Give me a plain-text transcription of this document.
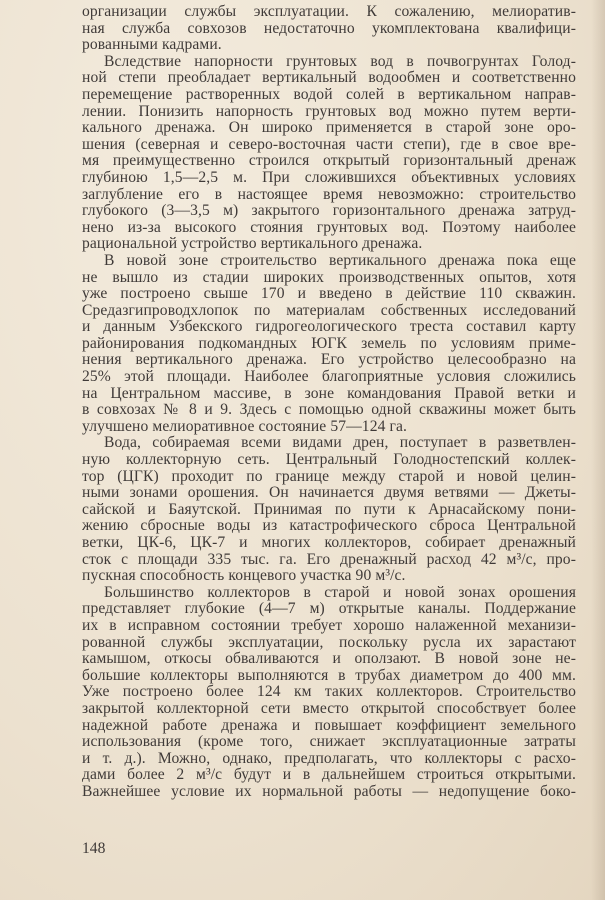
организации службы эксплуатации. К сожалению, мелиоратив-
ная служба совхозов недостаточно укомплектована квалифици-
рованными кадрами.
Вследствие напорности грунтовых вод в почвогрунтах Голод-
ной степи преобладает вертикальный водообмен и соответственно
перемещение растворенных водой солей в вертикальном направ-
лении. Понизить напорность грунтовых вод можно путем верти-
кального дренажа. Он широко применяется в старой зоне оро-
шения (северная и северо-восточная части степи), где в свое вре-
мя преимущественно строился открытый горизонтальный дренаж
глубиною 1,5—2,5 м. При сложившихся объективных условиях
заглубление его в настоящее время невозможно: строительство
глубокого (3—3,5 м) закрытого горизонтального дренажа затруд-
нено из-за высокого стояния грунтовых вод. Поэтому наиболее
рациональной устройство вертикального дренажа.
В новой зоне строительство вертикального дренажа пока еще
не вышло из стадии широких производственных опытов, хотя
уже построено свыше 170 и введено в действие 110 скважин.
Средазгипроводхлопок по материалам собственных исследований
и данным Узбекского гидрогеологического треста составил карту
районирования подкомандных ЮГК земель по условиям приме-
нения вертикального дренажа. Его устройство целесообразно на
25% этой площади. Наиболее благоприятные условия сложились
на Центральном массиве, в зоне командования Правой ветки и
в совхозах № 8 и 9. Здесь с помощью одной скважины может быть
улучшено мелиоративное состояние 57—124 га.
Вода, собираемая всеми видами дрен, поступает в разветвлен-
ную коллекторную сеть. Центральный Голодностепский коллек-
тор (ЦГК) проходит по границе между старой и новой целин-
ными зонами орошения. Он начинается двумя ветвями — Джеты-
сайской и Баяутской. Принимая по пути к Арнасайскому пони-
жению сбросные воды из катастрофического сброса Центральной
ветки, ЦК-6, ЦК-7 и многих коллекторов, собирает дренажный
сток с площади 335 тыс. га. Его дренажный расход 42 м³/с, про-
пускная способность концевого участка 90 м³/с.
Большинство коллекторов в старой и новой зонах орошения
представляет глубокие (4—7 м) открытые каналы. Поддержание
их в исправном состоянии требует хорошо налаженной механизи-
рованной службы эксплуатации, поскольку русла их зарастают
камышом, откосы обваливаются и оползают. В новой зоне не-
большие коллекторы выполняются в трубах диаметром до 400 мм.
Уже построено более 124 км таких коллекторов. Строительство
закрытой коллекторной сети вместо открытой способствует более
надежной работе дренажа и повышает коэффициент земельного
использования (кроме того, снижает эксплуатационные затраты
и т. д.). Можно, однако, предполагать, что коллекторы с расхо-
дами более 2 м³/с будут и в дальнейшем строиться открытыми.
Важнейшее условие их нормальной работы — недопущение боко-
148
